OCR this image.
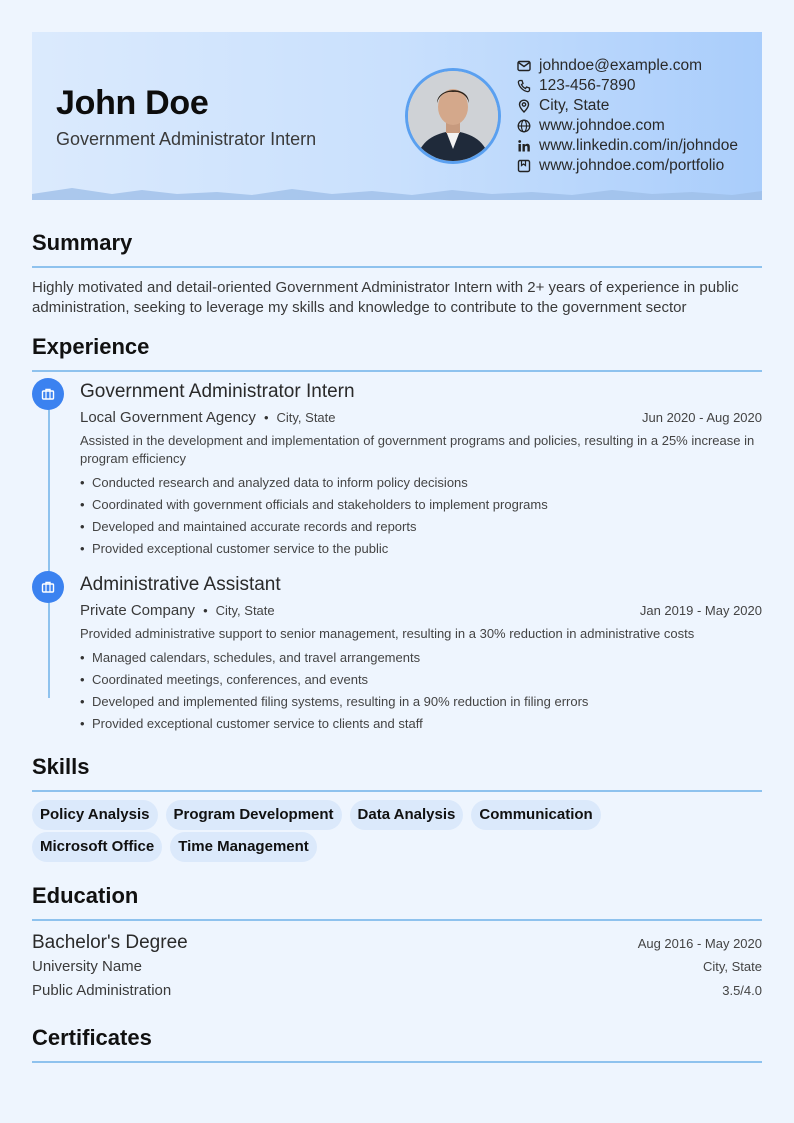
John Doe
Government Administrator Intern
johndoe@example.com
123-456-7890
City, State
www.johndoe.com
www.linkedin.com/in/johndoe
www.johndoe.com/portfolio
Summary

Highly motivated and detail-oriented Government Administrator Intern with 2+ years of experience in public administration, seeking to leverage my skills and knowledge to contribute to the government sector

Experience
Government Administrator Intern
Local Government Agency • City, State	Jun 2020 - Aug 2020
Assisted in the development and implementation of government programs and policies, resulting in a 25% increase in program efficiency
• Conducted research and analyzed data to inform policy decisions
• Coordinated with government officials and stakeholders to implement programs
• Developed and maintained accurate records and reports
• Provided exceptional customer service to the public
Administrative Assistant
Private Company • City, State	Jan 2019 - May 2020
Provided administrative support to senior management, resulting in a 30% reduction in administrative costs
• Managed calendars, schedules, and travel arrangements
• Coordinated meetings, conferences, and events
• Developed and implemented filing systems, resulting in a 90% reduction in filing errors
• Provided exceptional customer service to clients and staff
Skills
Policy Analysis	Program Development	Data Analysis	Communication
Microsoft Office	Time Management
Education
Bachelor's Degree	Aug 2016 - May 2020
University Name	City, State
Public Administration	3.5/4.0
Certificates
